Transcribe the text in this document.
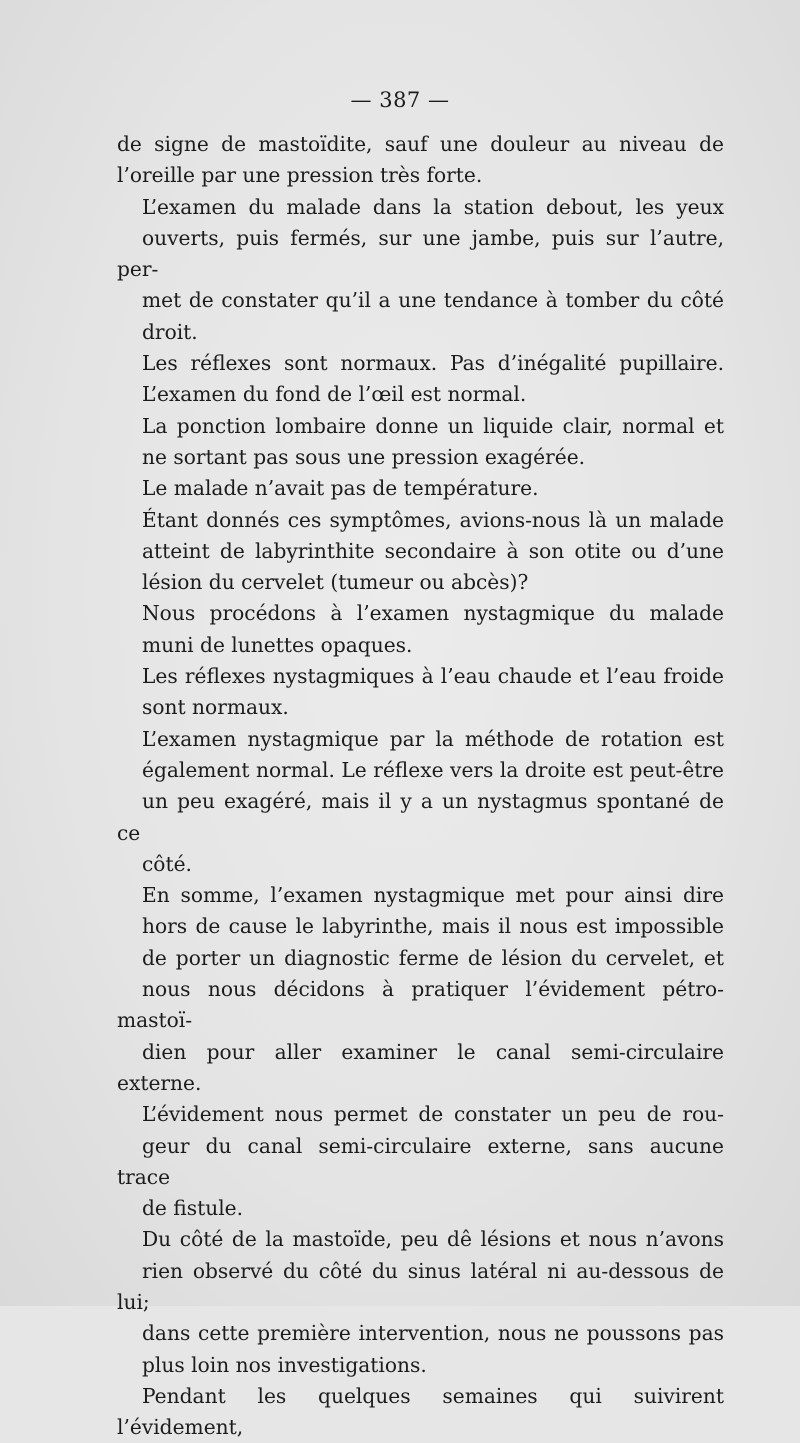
— 387 —

de signe de mastoïdite, sauf une douleur au niveau de
l’oreille par une pression très forte.

L’examen du malade dans la station debout, les yeux
ouverts, puis fermés, sur une jambe, puis sur l’autre, per-
met de constater qu’il a une tendance à tomber du côté
droit.

Les réflexes sont normaux. Pas d’inégalité pupillaire.
L’examen du fond de l’œil est normal.

La ponction lombaire donne un liquide clair, normal et
ne sortant pas sous une pression exagérée.

Le malade n’avait pas de température.

Étant donnés ces symptômes, avions-nous là un malade
atteint de labyrinthite secondaire à son otite ou d’une
lésion du cervelet (tumeur ou abcès)?

Nous procédons à l’examen nystagmique du malade
muni de lunettes opaques.

Les réflexes nystagmiques à l’eau chaude et l’eau froide
sont normaux.

L’examen nystagmique par la méthode de rotation est
également normal. Le réflexe vers la droite est peut-être
un peu exagéré, mais il y a un nystagmus spontané de ce
côté.

En somme, l’examen nystagmique met pour ainsi dire
hors de cause le labyrinthe, mais il nous est impossible
de porter un diagnostic ferme de lésion du cervelet, et
nous nous décidons à pratiquer l’évidement pétro-mastoï-
dien pour aller examiner le canal semi-circulaire externe.

L’évidement nous permet de constater un peu de rou-
geur du canal semi-circulaire externe, sans aucune trace
de fistule.

Du côté de la mastoïde, peu dê lésions et nous n’avons
rien observé du côté du sinus latéral ni au-dessous de lui;
dans cette première intervention, nous ne poussons pas
plus loin nos investigations.

Pendant les quelques semaines qui suivirent l’évidement,
